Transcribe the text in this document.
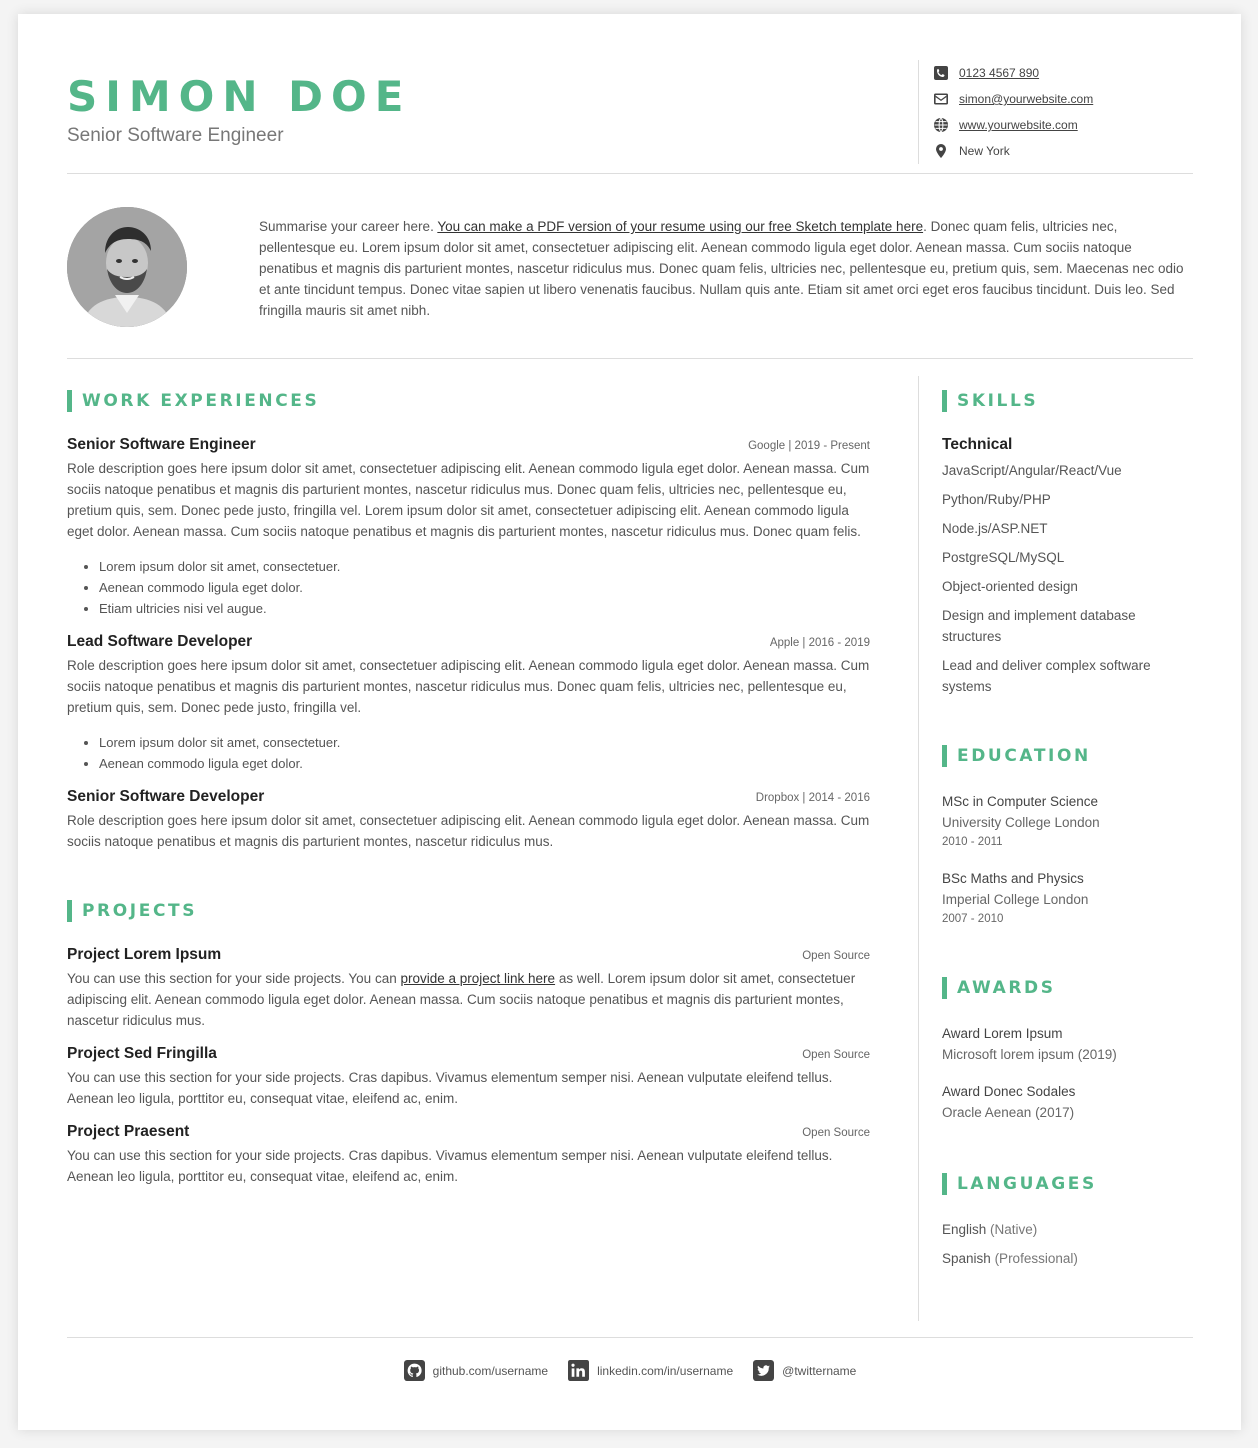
SIMON DOE
Senior Software Engineer
0123 4567 890
simon@yourwebsite.com
www.yourwebsite.com
New York
Summarise your career here. You can make a PDF version of your resume using our free Sketch template here. Donec quam felis, ultricies nec, pellentesque eu. Lorem ipsum dolor sit amet, consectetuer adipiscing elit. Aenean commodo ligula eget dolor. Aenean massa. Cum sociis natoque penatibus et magnis dis parturient montes, nascetur ridiculus mus. Donec quam felis, ultricies nec, pellentesque eu, pretium quis, sem. Maecenas nec odio et ante tincidunt tempus. Donec vitae sapien ut libero venenatis faucibus. Nullam quis ante. Etiam sit amet orci eget eros faucibus tincidunt. Duis leo. Sed fringilla mauris sit amet nibh.
WORK EXPERIENCES
Senior Software Engineer	Google | 2019 - Present
Role description goes here ipsum dolor sit amet, consectetuer adipiscing elit. Aenean commodo ligula eget dolor. Aenean massa. Cum sociis natoque penatibus et magnis dis parturient montes, nascetur ridiculus mus. Donec quam felis, ultricies nec, pellentesque eu, pretium quis, sem. Donec pede justo, fringilla vel. Lorem ipsum dolor sit amet, consectetuer adipiscing elit. Aenean commodo ligula eget dolor. Aenean massa. Cum sociis natoque penatibus et magnis dis parturient montes, nascetur ridiculus mus. Donec quam felis.
• Lorem ipsum dolor sit amet, consectetuer.
• Aenean commodo ligula eget dolor.
• Etiam ultricies nisi vel augue.
Lead Software Developer	Apple | 2016 - 2019
Role description goes here ipsum dolor sit amet, consectetuer adipiscing elit. Aenean commodo ligula eget dolor. Aenean massa. Cum sociis natoque penatibus et magnis dis parturient montes, nascetur ridiculus mus. Donec quam felis, ultricies nec, pellentesque eu, pretium quis, sem. Donec pede justo, fringilla vel.
• Lorem ipsum dolor sit amet, consectetuer.
• Aenean commodo ligula eget dolor.
Senior Software Developer	Dropbox | 2014 - 2016
Role description goes here ipsum dolor sit amet, consectetuer adipiscing elit. Aenean commodo ligula eget dolor. Aenean massa. Cum sociis natoque penatibus et magnis dis parturient montes, nascetur ridiculus mus.
PROJECTS
Project Lorem Ipsum	Open Source
You can use this section for your side projects. You can provide a project link here as well. Lorem ipsum dolor sit amet, consectetuer adipiscing elit. Aenean commodo ligula eget dolor. Aenean massa. Cum sociis natoque penatibus et magnis dis parturient montes, nascetur ridiculus mus.
Project Sed Fringilla	Open Source
You can use this section for your side projects. Cras dapibus. Vivamus elementum semper nisi. Aenean vulputate eleifend tellus. Aenean leo ligula, porttitor eu, consequat vitae, eleifend ac, enim.
Project Praesent	Open Source
You can use this section for your side projects. Cras dapibus. Vivamus elementum semper nisi. Aenean vulputate eleifend tellus. Aenean leo ligula, porttitor eu, consequat vitae, eleifend ac, enim.
SKILLS
Technical
JavaScript/Angular/React/Vue
Python/Ruby/PHP
Node.js/ASP.NET
PostgreSQL/MySQL
Object-oriented design
Design and implement database structures
Lead and deliver complex software systems
EDUCATION
MSc in Computer Science
University College London
2010 - 2011
BSc Maths and Physics
Imperial College London
2007 - 2010
AWARDS
Award Lorem Ipsum
Microsoft lorem ipsum (2019)
Award Donec Sodales
Oracle Aenean (2017)
LANGUAGES
English (Native)
Spanish (Professional)
github.com/username	linkedin.com/in/username	@twittername
